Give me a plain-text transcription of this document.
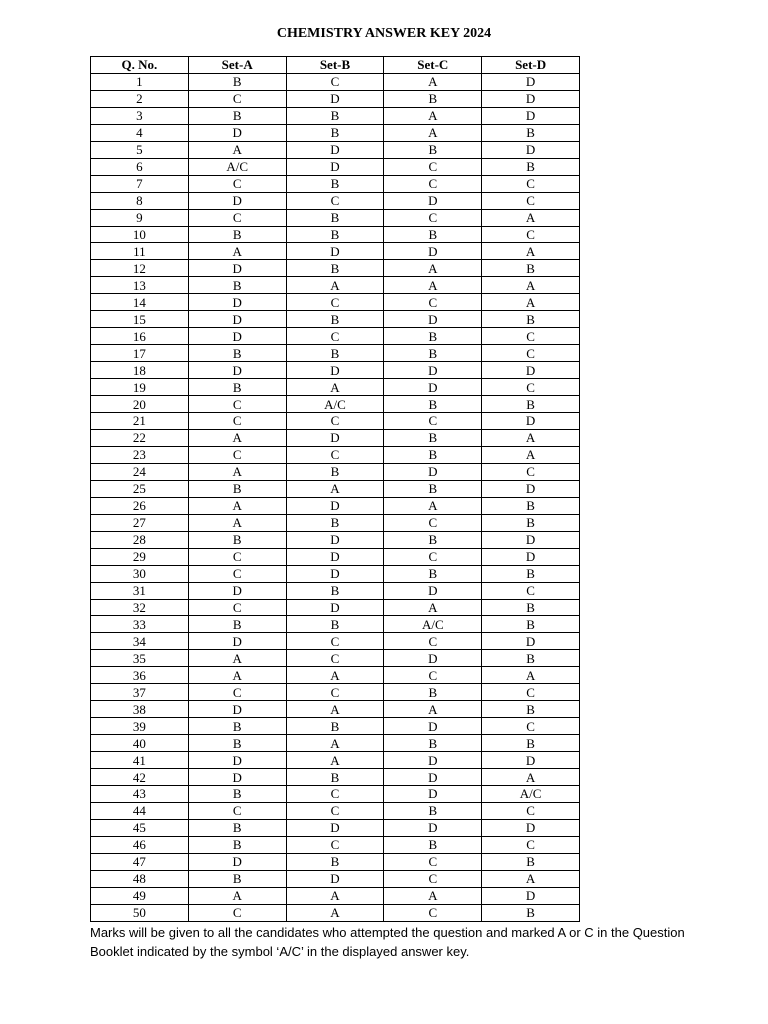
CHEMISTRY ANSWER KEY 2024
Q. No.	Set-A	Set-B	Set-C	Set-D
1	B	C	A	D
2	C	D	B	D
3	B	B	A	D
4	D	B	A	B
5	A	D	B	D
6	A/C	D	C	B
7	C	B	C	C
8	D	C	D	C
9	C	B	C	A
10	B	B	B	C
11	A	D	D	A
12	D	B	A	B
13	B	A	A	A
14	D	C	C	A
15	D	B	D	B
16	D	C	B	C
17	B	B	B	C
18	D	D	D	D
19	B	A	D	C
20	C	A/C	B	B
21	C	C	C	D
22	A	D	B	A
23	C	C	B	A
24	A	B	D	C
25	B	A	B	D
26	A	D	A	B
27	A	B	C	B
28	B	D	B	D
29	C	D	C	D
30	C	D	B	B
31	D	B	D	C
32	C	D	A	B
33	B	B	A/C	B
34	D	C	C	D
35	A	C	D	B
36	A	A	C	A
37	C	C	B	C
38	D	A	A	B
39	B	B	D	C
40	B	A	B	B
41	D	A	D	D
42	D	B	D	A
43	B	C	D	A/C
44	C	C	B	C
45	B	D	D	D
46	B	C	B	C
47	D	B	C	B
48	B	D	C	A
49	A	A	A	D
50	C	A	C	B
Marks will be given to all the candidates who attempted the question and marked A or C in the Question Booklet indicated by the symbol ‘A/C’ in the displayed answer key.
